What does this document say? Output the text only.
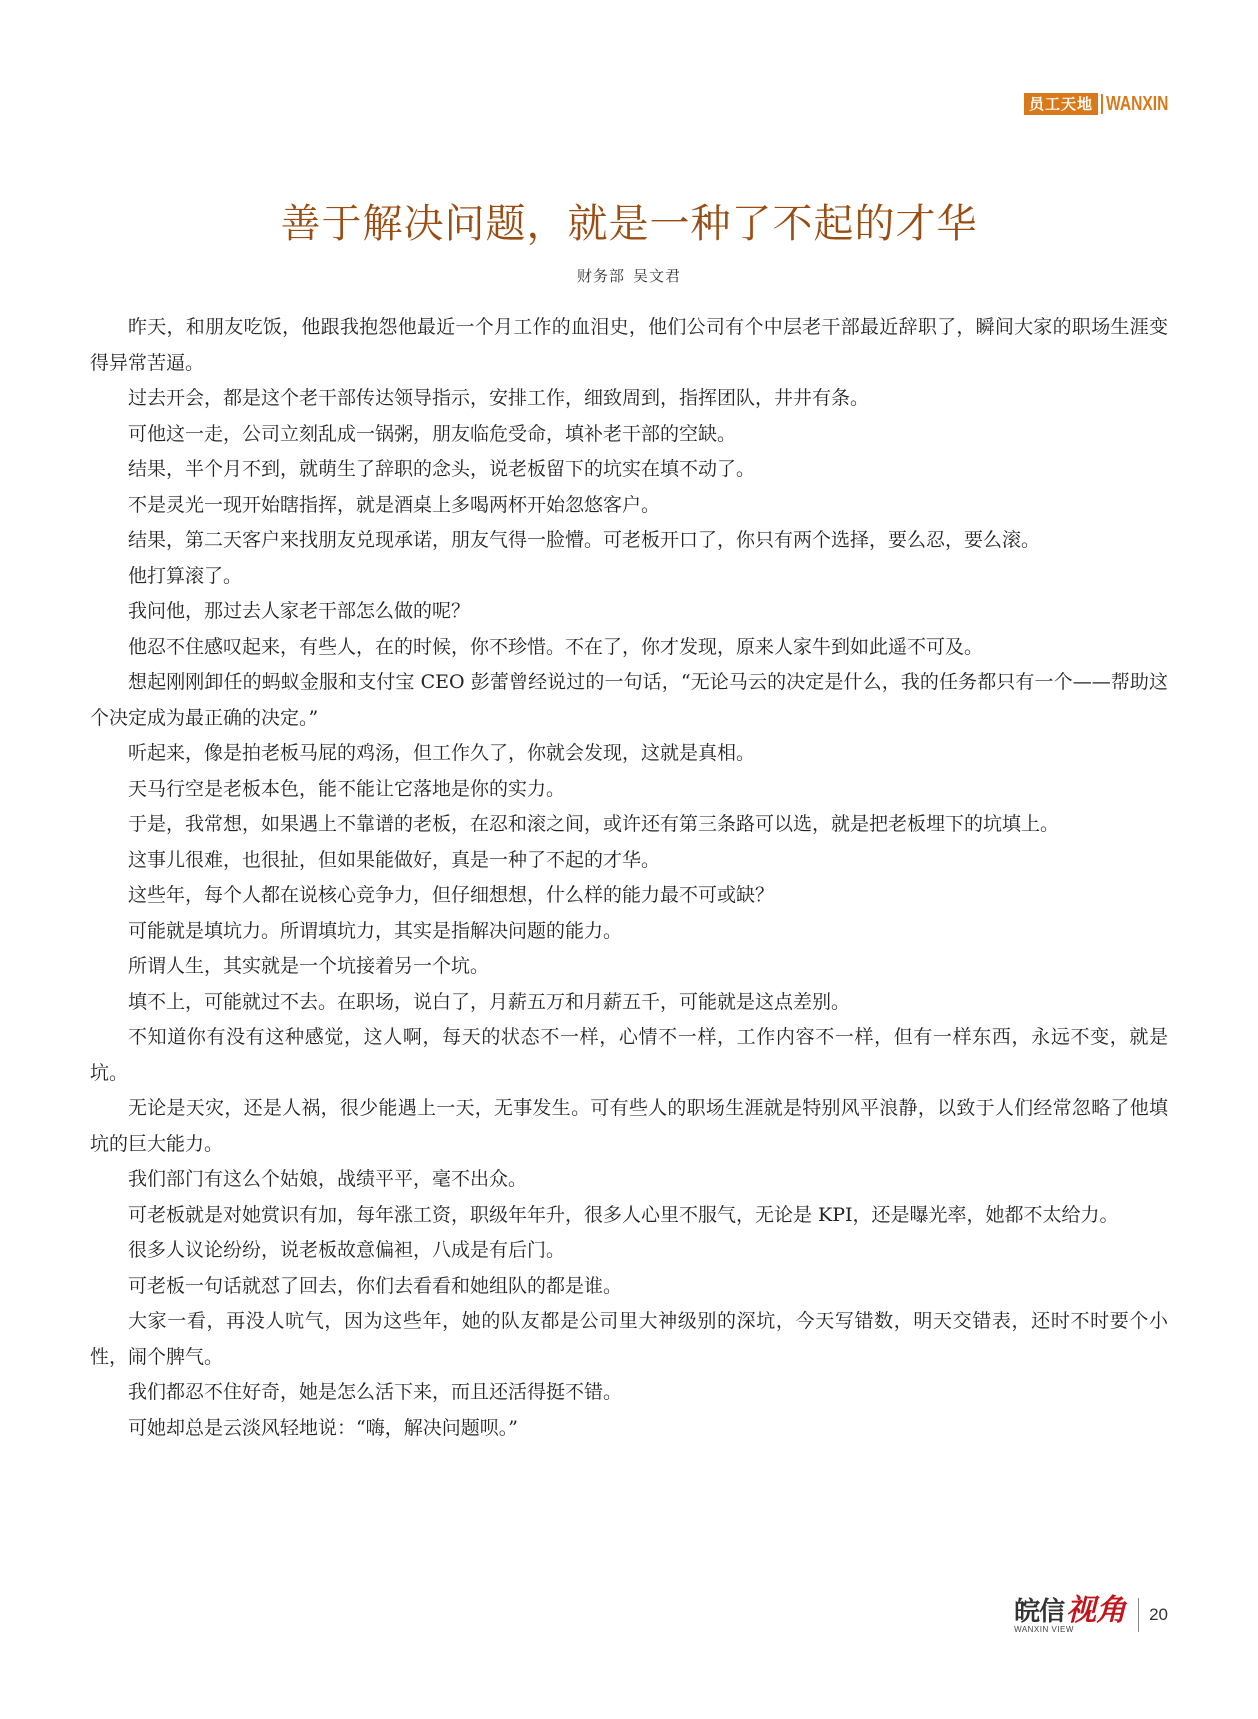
员工天地 WANXIN
善于解决问题，就是一种了不起的才华
财务部 吴文君

昨天，和朋友吃饭，他跟我抱怨他最近一个月工作的血泪史，他们公司有个中层老干部最近辞职了，瞬间大家的职场生涯变得异常苦逼。

过去开会，都是这个老干部传达领导指示，安排工作，细致周到，指挥团队，井井有条。

可他这一走，公司立刻乱成一锅粥，朋友临危受命，填补老干部的空缺。

结果，半个月不到，就萌生了辞职的念头，说老板留下的坑实在填不动了。

不是灵光一现开始瞎指挥，就是酒桌上多喝两杯开始忽悠客户。

结果，第二天客户来找朋友兑现承诺，朋友气得一脸懵。可老板开口了，你只有两个选择，要么忍，要么滚。

他打算滚了。

我问他，那过去人家老干部怎么做的呢？

他忍不住感叹起来，有些人，在的时候，你不珍惜。不在了，你才发现，原来人家牛到如此遥不可及。

想起刚刚卸任的蚂蚁金服和支付宝 CEO 彭蕾曾经说过的一句话，“无论马云的决定是什么，我的任务都只有一个——帮助这个决定成为最正确的决定。”

听起来，像是拍老板马屁的鸡汤，但工作久了，你就会发现，这就是真相。

天马行空是老板本色，能不能让它落地是你的实力。

于是，我常想，如果遇上不靠谱的老板，在忍和滚之间，或许还有第三条路可以选，就是把老板埋下的坑填上。

这事儿很难，也很扯，但如果能做好，真是一种了不起的才华。

这些年，每个人都在说核心竞争力，但仔细想想，什么样的能力最不可或缺？

可能就是填坑力。所谓填坑力，其实是指解决问题的能力。

所谓人生，其实就是一个坑接着另一个坑。

填不上，可能就过不去。在职场，说白了，月薪五万和月薪五千，可能就是这点差别。

不知道你有没有这种感觉，这人啊，每天的状态不一样，心情不一样，工作内容不一样，但有一样东西，永远不变，就是坑。

无论是天灾，还是人祸，很少能遇上一天，无事发生。可有些人的职场生涯就是特别风平浪静，以致于人们经常忽略了他填坑的巨大能力。

我们部门有这么个姑娘，战绩平平，毫不出众。

可老板就是对她赏识有加，每年涨工资，职级年年升，很多人心里不服气，无论是 KPI，还是曝光率，她都不太给力。

很多人议论纷纷，说老板故意偏袒，八成是有后门。

可老板一句话就怼了回去，你们去看看和她组队的都是谁。

大家一看，再没人吭气，因为这些年，她的队友都是公司里大神级别的深坑，今天写错数，明天交错表，还时不时要个小性，闹个脾气。

我们都忍不住好奇，她是怎么活下来，而且还活得挺不错。

可她却总是云淡风轻地说：“嗨，解决问题呗。”

皖信 视角
WANXIN VIEW
20
